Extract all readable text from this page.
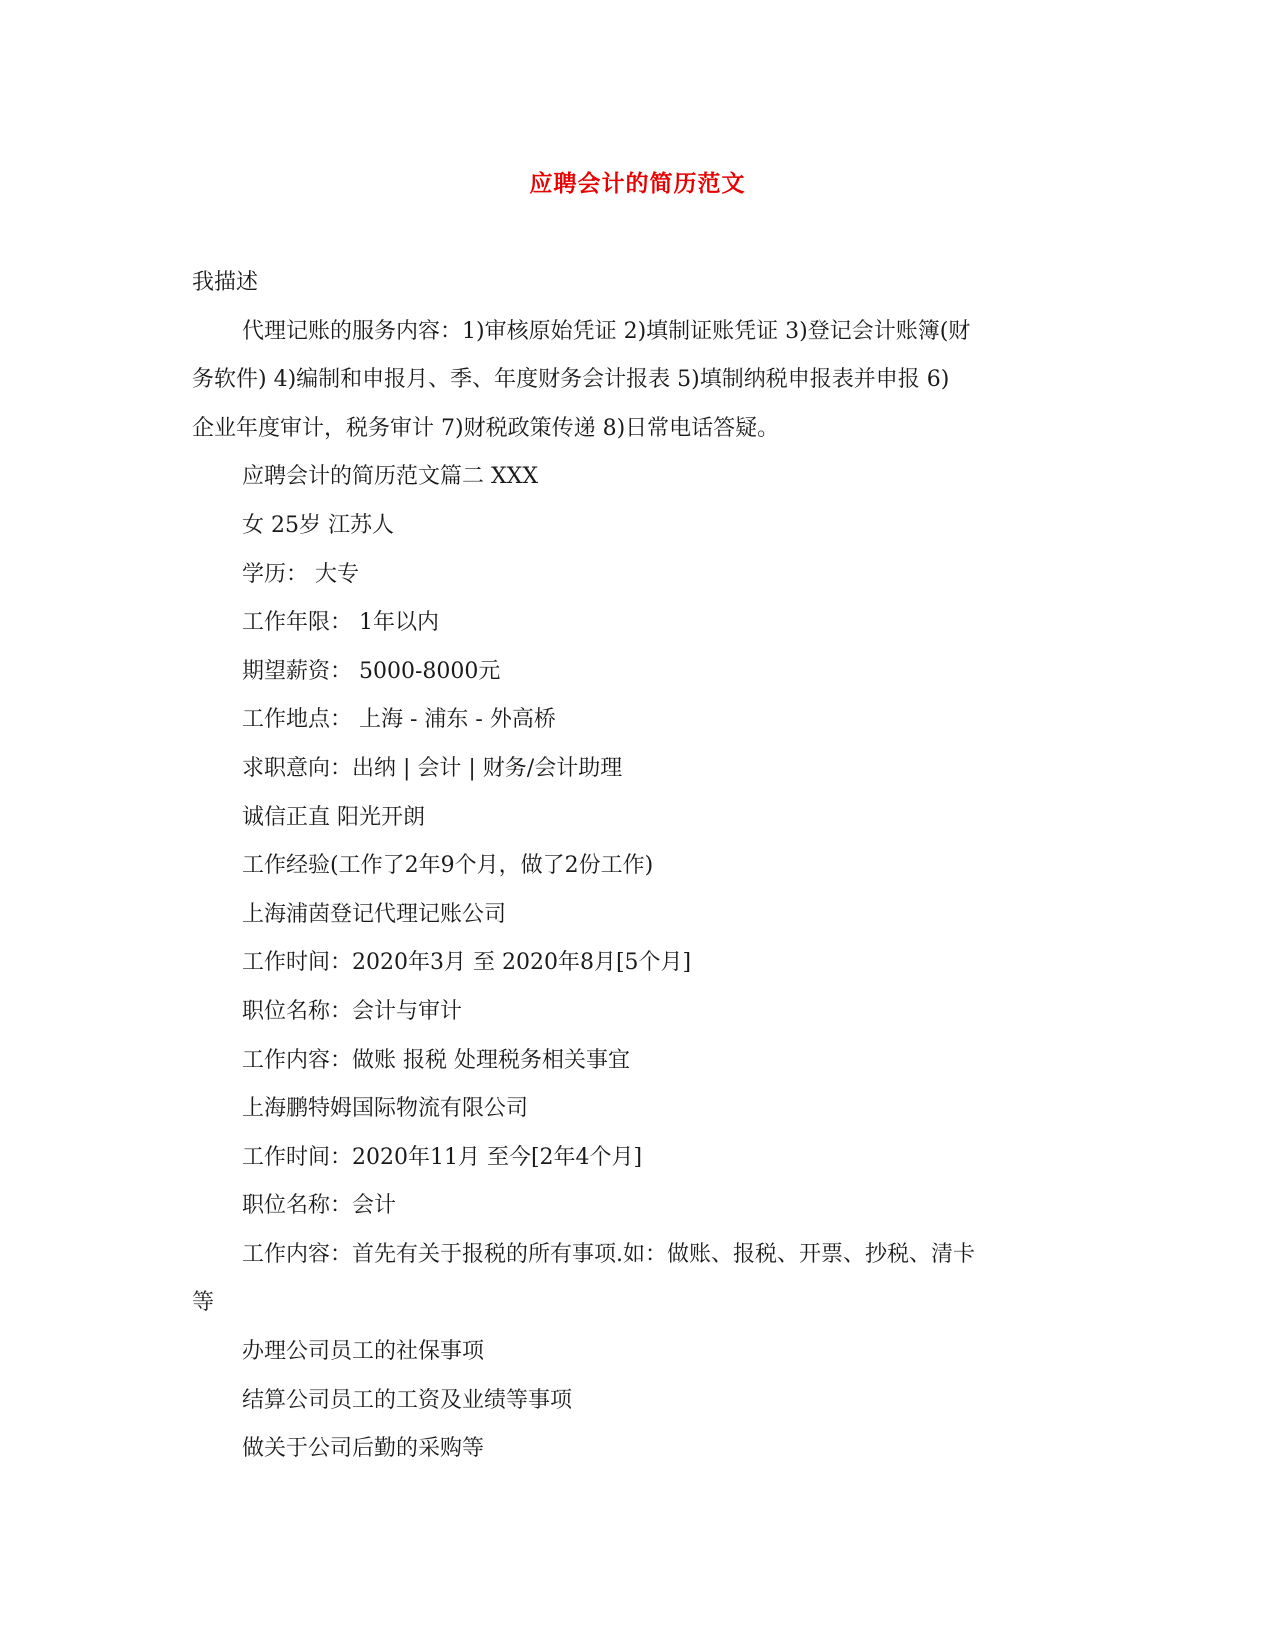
应聘会计的简历范文
我描述
代理记账的服务内容：1)审核原始凭证 2)填制证账凭证 3)登记会计账簿(财
务软件) 4)编制和申报月、季、年度财务会计报表 5)填制纳税申报表并申报 6)
企业年度审计，税务审计 7)财税政策传递 8)日常电话答疑。
应聘会计的简历范文篇二 XXX
女 25岁 江苏人
学历： 大专
工作年限： 1年以内
期望薪资： 5000-8000元
工作地点： 上海 - 浦东 - 外高桥
求职意向：出纳 | 会计 | 财务/会计助理
诚信正直 阳光开朗
工作经验(工作了2年9个月，做了2份工作)
上海浦茵登记代理记账公司
工作时间：2020年3月 至 2020年8月[5个月]
职位名称：会计与审计
工作内容：做账 报税 处理税务相关事宜
上海鹏特姆国际物流有限公司
工作时间：2020年11月 至今[2年4个月]
职位名称：会计
工作内容：首先有关于报税的所有事项.如：做账、报税、开票、抄税、清卡
等
办理公司员工的社保事项
结算公司员工的工资及业绩等事项
做关于公司后勤的采购等
